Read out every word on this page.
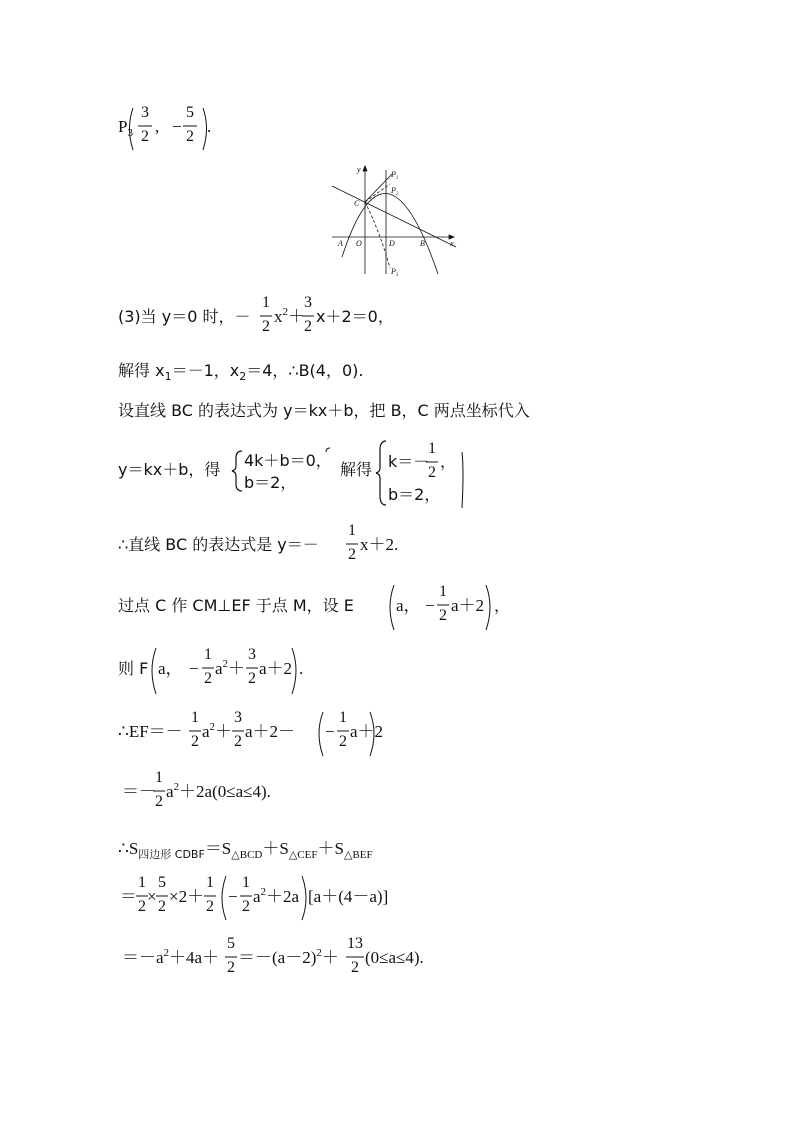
$P_3$
3
2
, −
5
2
.
y
$P_1$
$P_2$
C
A O	D	B	x
$P_3$
(3)当 y＝0 时，－
1
2
$x^2+$
3
2
x＋2＝0，
解得 $x_1=-1$，$x_2=4$，∴B(4，0).
设直线 BC 的表达式为 y＝kx＋b，把 B，C 两点坐标代入
y＝kx＋b，得 4k＋b＝0，
b＝2，
解得 k＝－
1
2
，
b＝2，
∴直线 BC 的表达式是 y＝－
1
2
x＋2.
过点 C 作 CM⊥EF 于点 M，设 E a， −
1
2
a＋2 ，
则 F a， −
1
2
$a^2+$
3
2
a＋2 .
∴EF＝－
1
2
$a^2+$
3
2
a＋2－ −
1
2
a＋2
＝－
1
2
$a^2+2a(0\le a\le 4)$.
$\therefore S_{四边形 CDBF}=S_{\triangle BCD}+S_{\triangle CEF}+S_{\triangle BEF}$
＝
1
2
×
5
2
×2＋
1
2
−
1
2
$a^2+2a$ [a＋(4－a)]
$=-a^2+4a+$
5
2
$=-(a-2)^2+$
13
2
(0≤a≤4).
